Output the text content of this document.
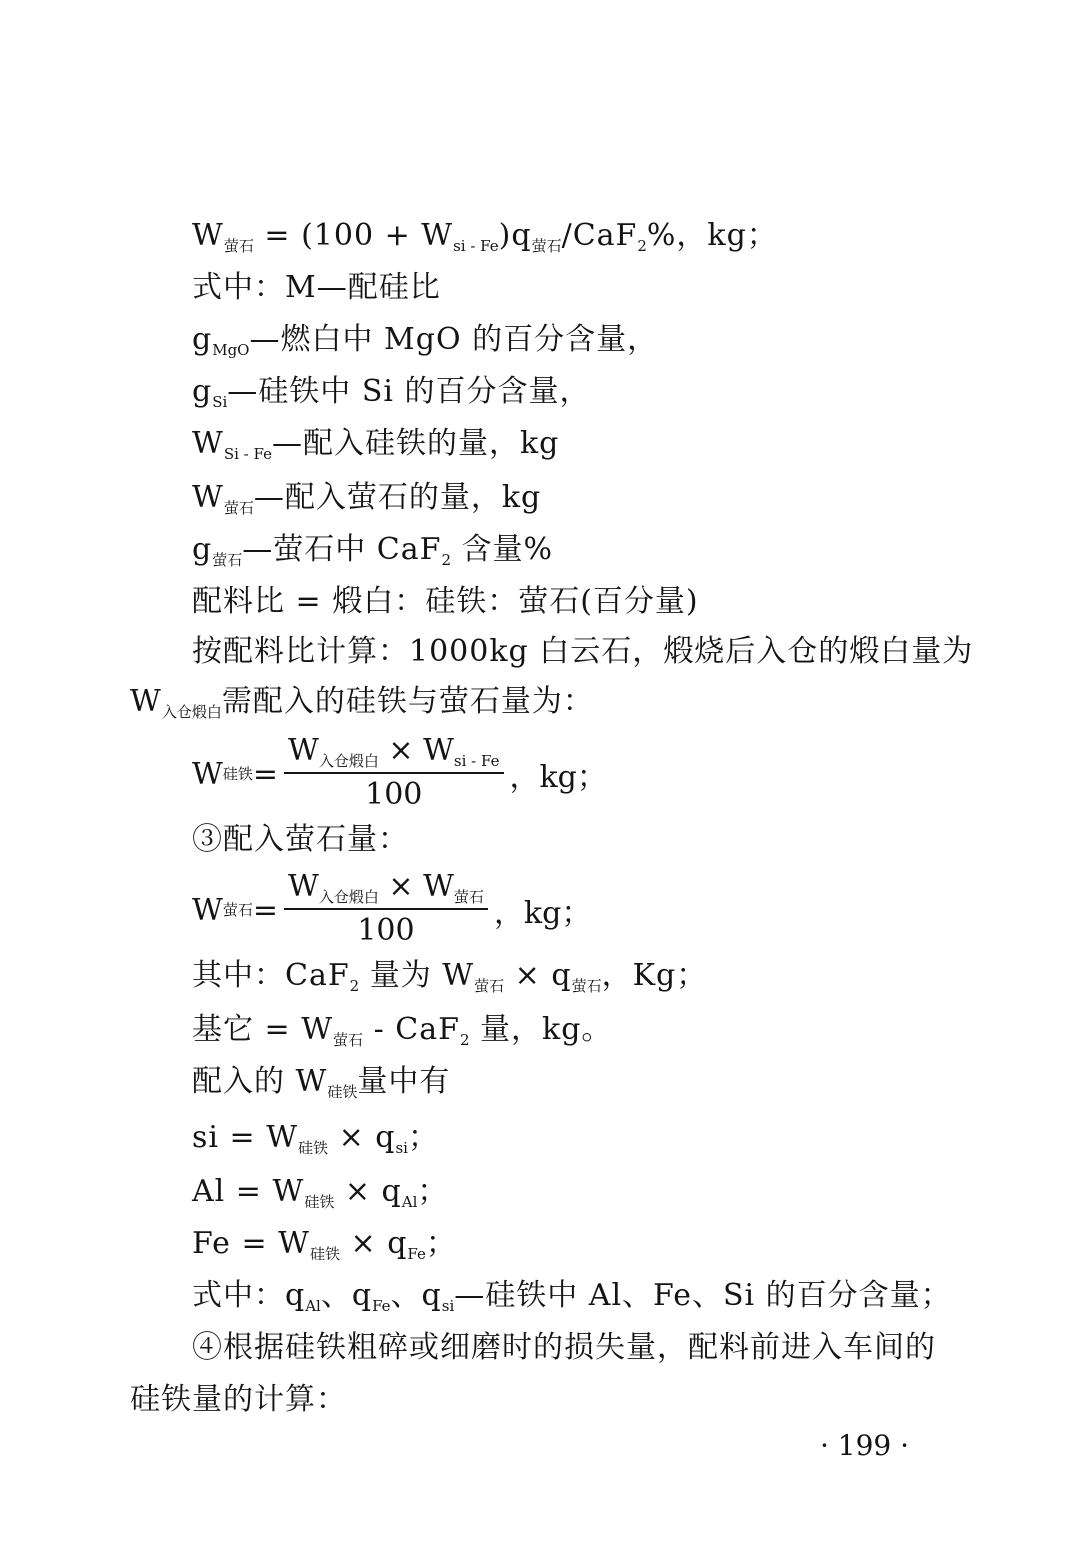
$W_{萤石} = (100 + W_{si - Fe})q_{萤石}/CaF_2\%$，kg；
式中：M—配硅比
$g_{MgO}—$燃白中 MgO 的百分含量，
$g_{Si}—$硅铁中 Si 的百分含量，
$W_{Si - Fe}—$配入硅铁的量，kg
$W_{萤石}—$配入萤石的量，kg
$g_{萤石}—$萤石中 CaF$_2$ 含量%
配料比 = 煅白：硅铁：萤石(百分量)
按配料比计算：1000kg 白云石，煅烧后入仓的煅白量为
$W_{入仓煅白}$需配入的硅铁与萤石量为：
W 硅铁 = $\frac{W_{入仓煅白} \times W_{si - Fe}}{100}$ ，kg；
③配入萤石量：
W 萤石 = $\frac{W_{入仓煅白} \times W_{萤石}}{100}$ ，kg；
其中：CaF$_2$ 量为 $W_{萤石} \times q_{萤石}$，Kg；
基它 = $W_{萤石} - CaF_2$ 量，kg。
配入的 $W_{硅铁}$量中有
si = $W_{硅铁} \times q_{si}$；
$Al = W_{硅铁} \times q_{Al}$；
$Fe = W_{硅铁} \times q_{Fe}$；
式中：$q_{Al}$、$q_{Fe}$、$q_{si}—$硅铁中 Al、Fe、Si 的百分含量；
④根据硅铁粗碎或细磨时的损失量，配料前进入车间的
硅铁量的计算：
· 199 ·
